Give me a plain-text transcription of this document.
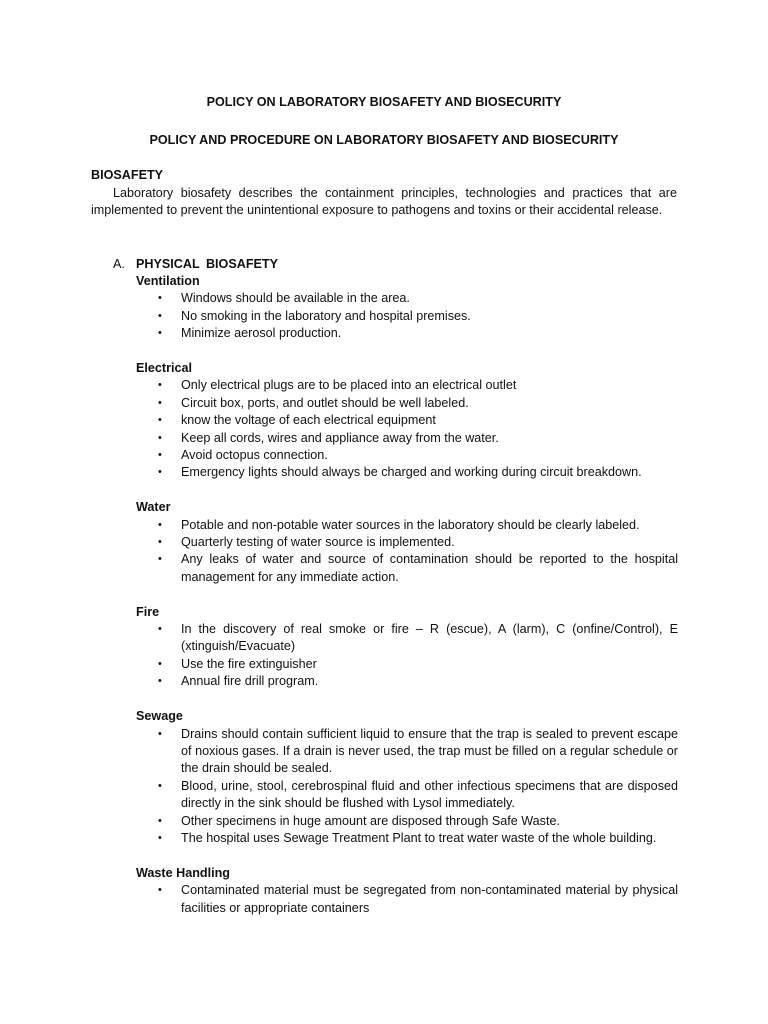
POLICY ON LABORATORY BIOSAFETY AND BIOSECURITY
POLICY AND PROCEDURE ON LABORATORY BIOSAFETY AND BIOSECURITY
BIOSAFETY
Laboratory biosafety describes the containment principles, technologies and practices that are implemented to prevent the unintentional exposure to pathogens and toxins or their accidental release.
A. PHYSICAL BIOSAFETY
Ventilation
• Windows should be available in the area.
• No smoking in the laboratory and hospital premises.
• Minimize aerosol production.
Electrical
• Only electrical plugs are to be placed into an electrical outlet
• Circuit box, ports, and outlet should be well labeled.
• know the voltage of each electrical equipment
• Keep all cords, wires and appliance away from the water.
• Avoid octopus connection.
• Emergency lights should always be charged and working during circuit breakdown.
Water
• Potable and non-potable water sources in the laboratory should be clearly labeled.
• Quarterly testing of water source is implemented.
• Any leaks of water and source of contamination should be reported to the hospital management for any immediate action.
Fire
• In the discovery of real smoke or fire – R (escue), A (larm), C (onfine/Control), E (xtinguish/Evacuate)
• Use the fire extinguisher
• Annual fire drill program.
Sewage
• Drains should contain sufficient liquid to ensure that the trap is sealed to prevent escape of noxious gases. If a drain is never used, the trap must be filled on a regular schedule or the drain should be sealed.
• Blood, urine, stool, cerebrospinal fluid and other infectious specimens that are disposed directly in the sink should be flushed with Lysol immediately.
• Other specimens in huge amount are disposed through Safe Waste.
• The hospital uses Sewage Treatment Plant to treat water waste of the whole building.
Waste Handling
• Contaminated material must be segregated from non-contaminated material by physical facilities or appropriate containers
